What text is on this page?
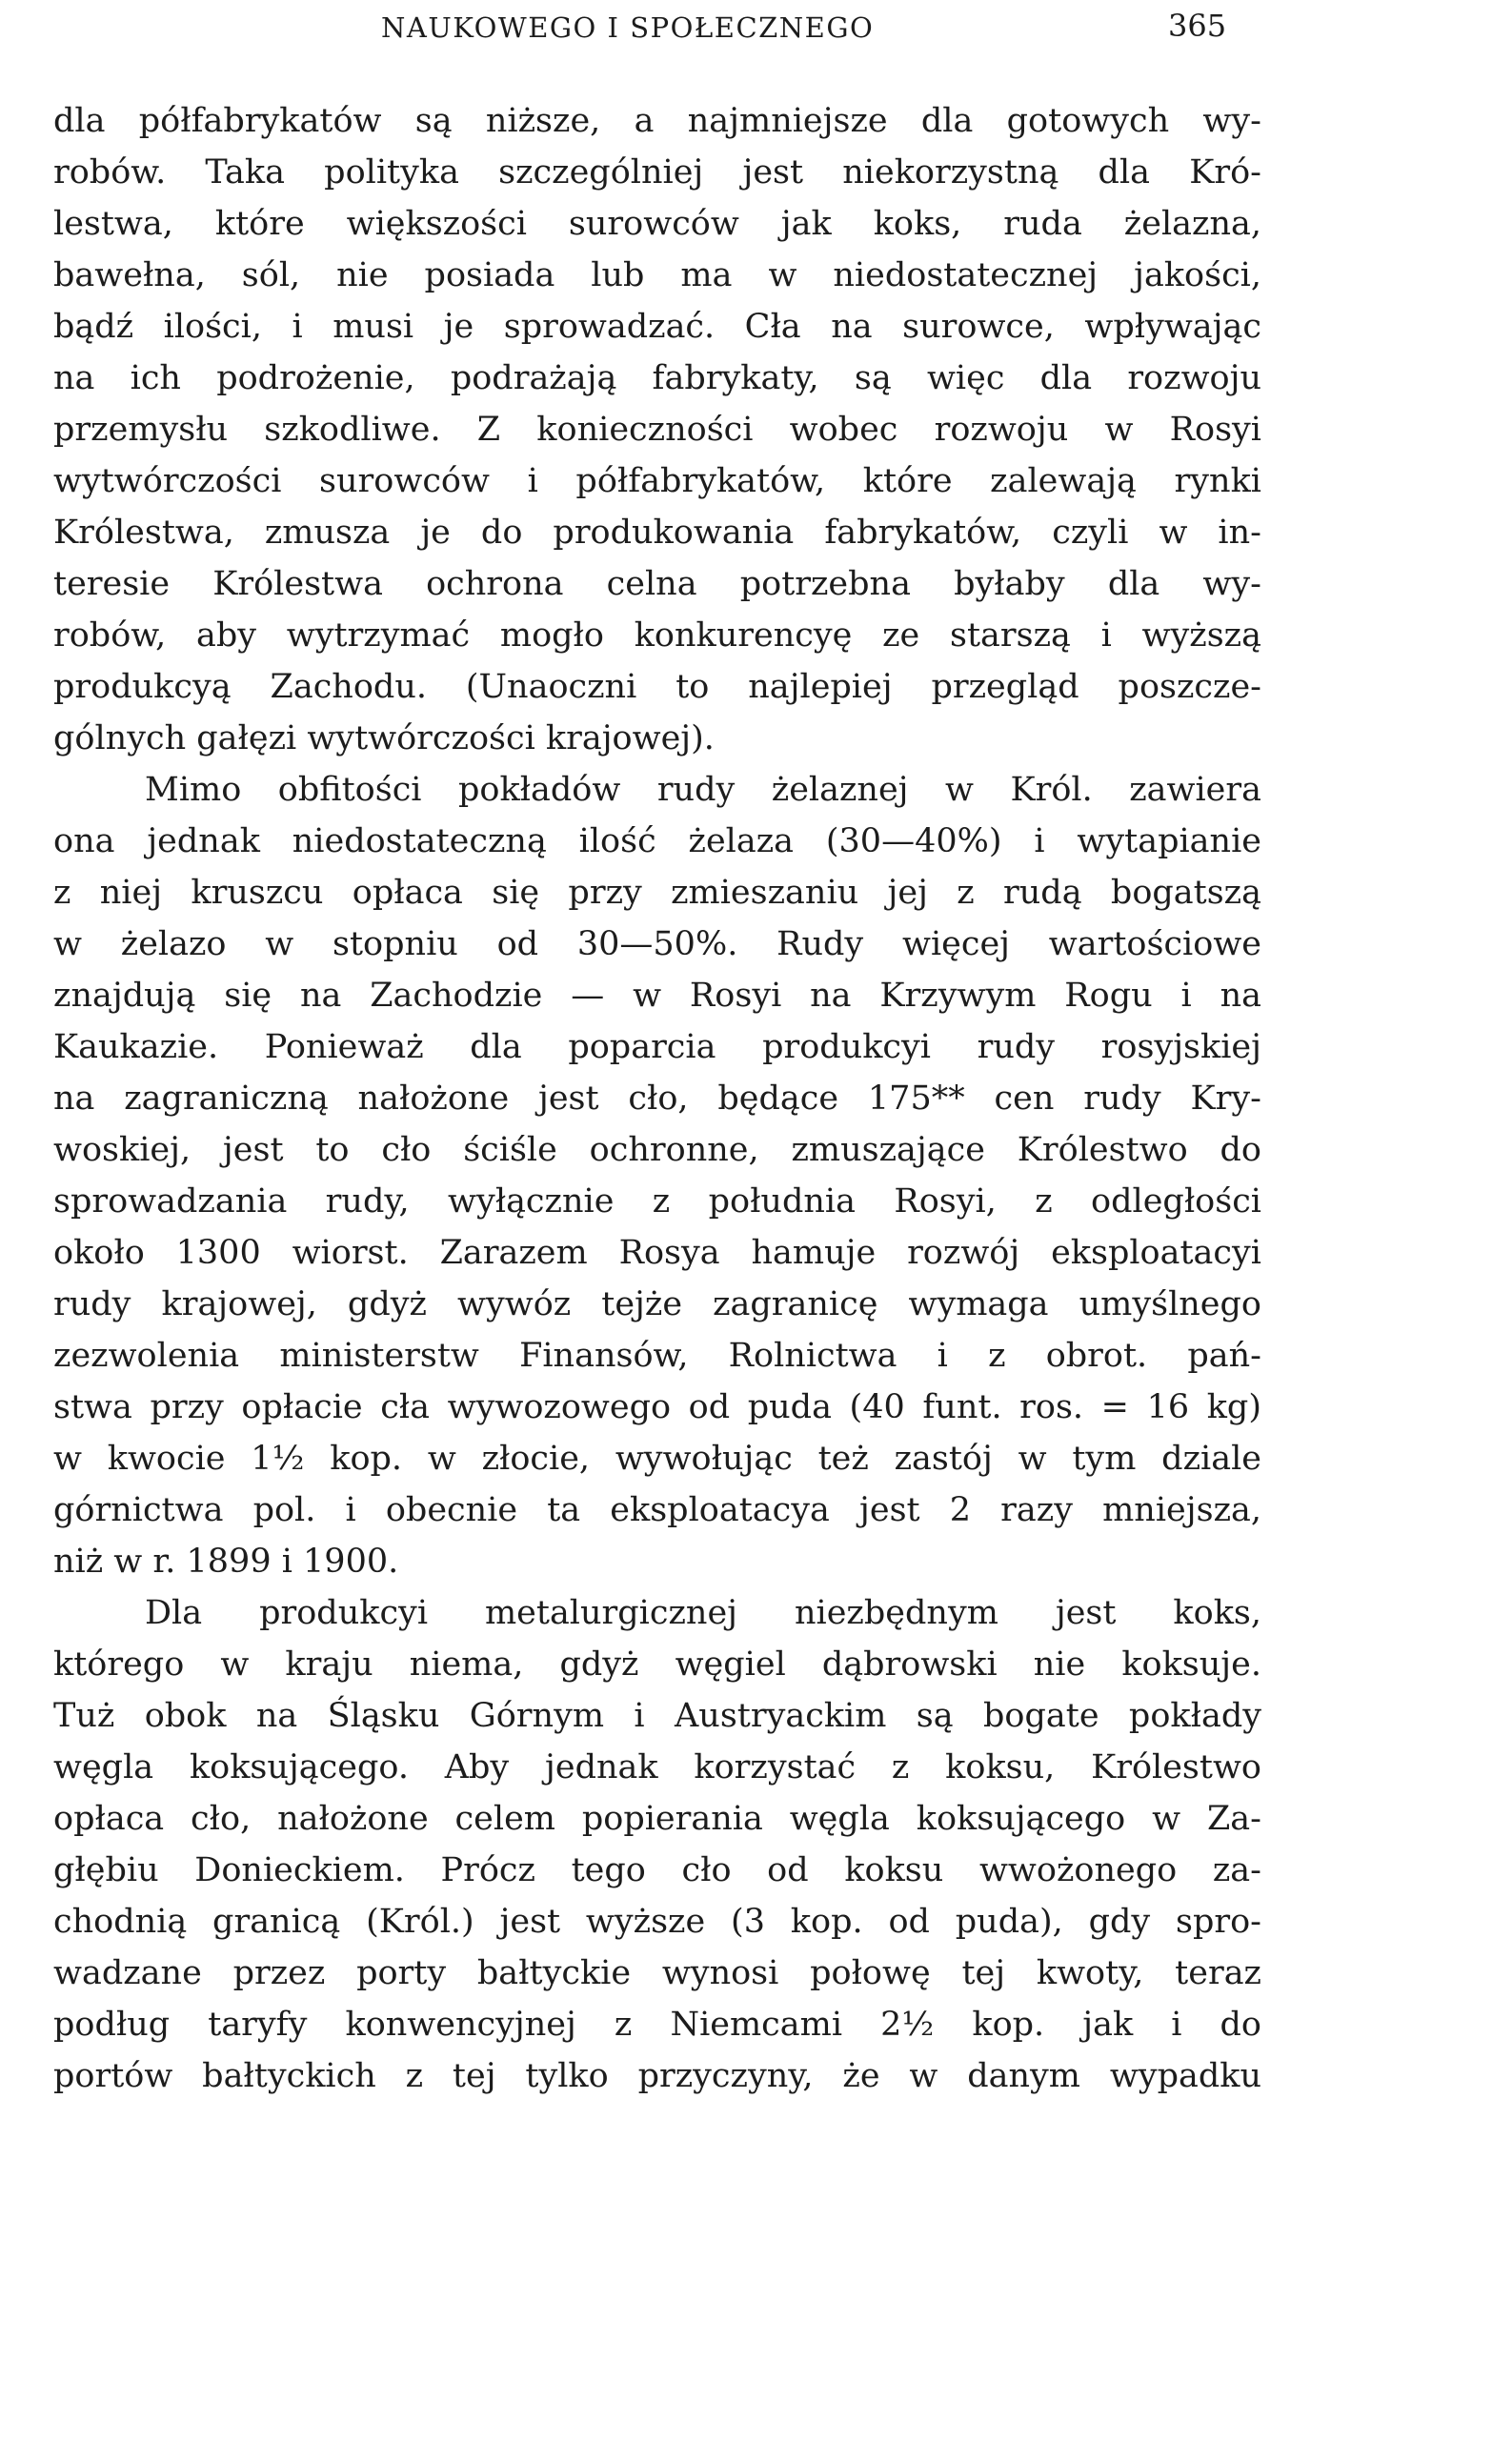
NAUKOWEGO I SPOŁECZNEGO	365
dla półfabrykatów są niższe, a najmniejsze dla gotowych wy-
robów. Taka polityka szczególniej jest niekorzystną dla Kró-
lestwa, które większości surowców jak koks, ruda żelazna,
bawełna, sól, nie posiada lub ma w niedostatecznej jakości,
bądź ilości, i musi je sprowadzać. Cła na surowce, wpływając
na ich podrożenie, podrażają fabrykaty, są więc dla rozwoju
przemysłu szkodliwe. Z konieczności wobec rozwoju w Rosyi
wytwórczości surowców i półfabrykatów, które zalewają rynki
Królestwa, zmusza je do produkowania fabrykatów, czyli w in-
teresie Królestwa ochrona celna potrzebna byłaby dla wy-
robów, aby wytrzymać mogło konkurencyę ze starszą i wyższą
produkcyą Zachodu. (Unaoczni to najlepiej przegląd poszcze-
gólnych gałęzi wytwórczości krajowej).
Mimo obfitości pokładów rudy żelaznej w Król. zawiera
ona jednak niedostateczną ilość żelaza (30—40%) i wytapianie
z niej kruszcu opłaca się przy zmieszaniu jej z rudą bogatszą
w żelazo w stopniu od 30—50%. Rudy więcej wartościowe
znajdują się na Zachodzie — w Rosyi na Krzywym Rogu i na
Kaukazie. Ponieważ dla poparcia produkcyi rudy rosyjskiej
na zagraniczną nałożone jest cło, będące 175** cen rudy Kry-
woskiej, jest to cło ściśle ochronne, zmuszające Królestwo do
sprowadzania rudy, wyłącznie z południa Rosyi, z odległości
około 1300 wiorst. Zarazem Rosya hamuje rozwój eksploatacyi
rudy krajowej, gdyż wywóz tejże zagranicę wymaga umyślnego
zezwolenia ministerstw Finansów, Rolnictwa i z obrot. pań-
stwa przy opłacie cła wywozowego od puda (40 funt. ros. = 16 kg)
w kwocie 1½ kop. w złocie, wywołując też zastój w tym dziale
górnictwa pol. i obecnie ta eksploatacya jest 2 razy mniejsza,
niż w r. 1899 i 1900.
Dla produkcyi metalurgicznej niezbędnym jest koks,
którego w kraju niema, gdyż węgiel dąbrowski nie koksuje.
Tuż obok na Śląsku Górnym i Austryackim są bogate pokłady
węgla koksującego. Aby jednak korzystać z koksu, Królestwo
opłaca cło, nałożone celem popierania węgla koksującego w Za-
głębiu Donieckiem. Prócz tego cło od koksu wwożonego za-
chodnią granicą (Król.) jest wyższe (3 kop. od puda), gdy spro-
wadzane przez porty bałtyckie wynosi połowę tej kwoty, teraz
podług taryfy konwencyjnej z Niemcami 2½ kop. jak i do
portów bałtyckich z tej tylko przyczyny, że w danym wypadku
